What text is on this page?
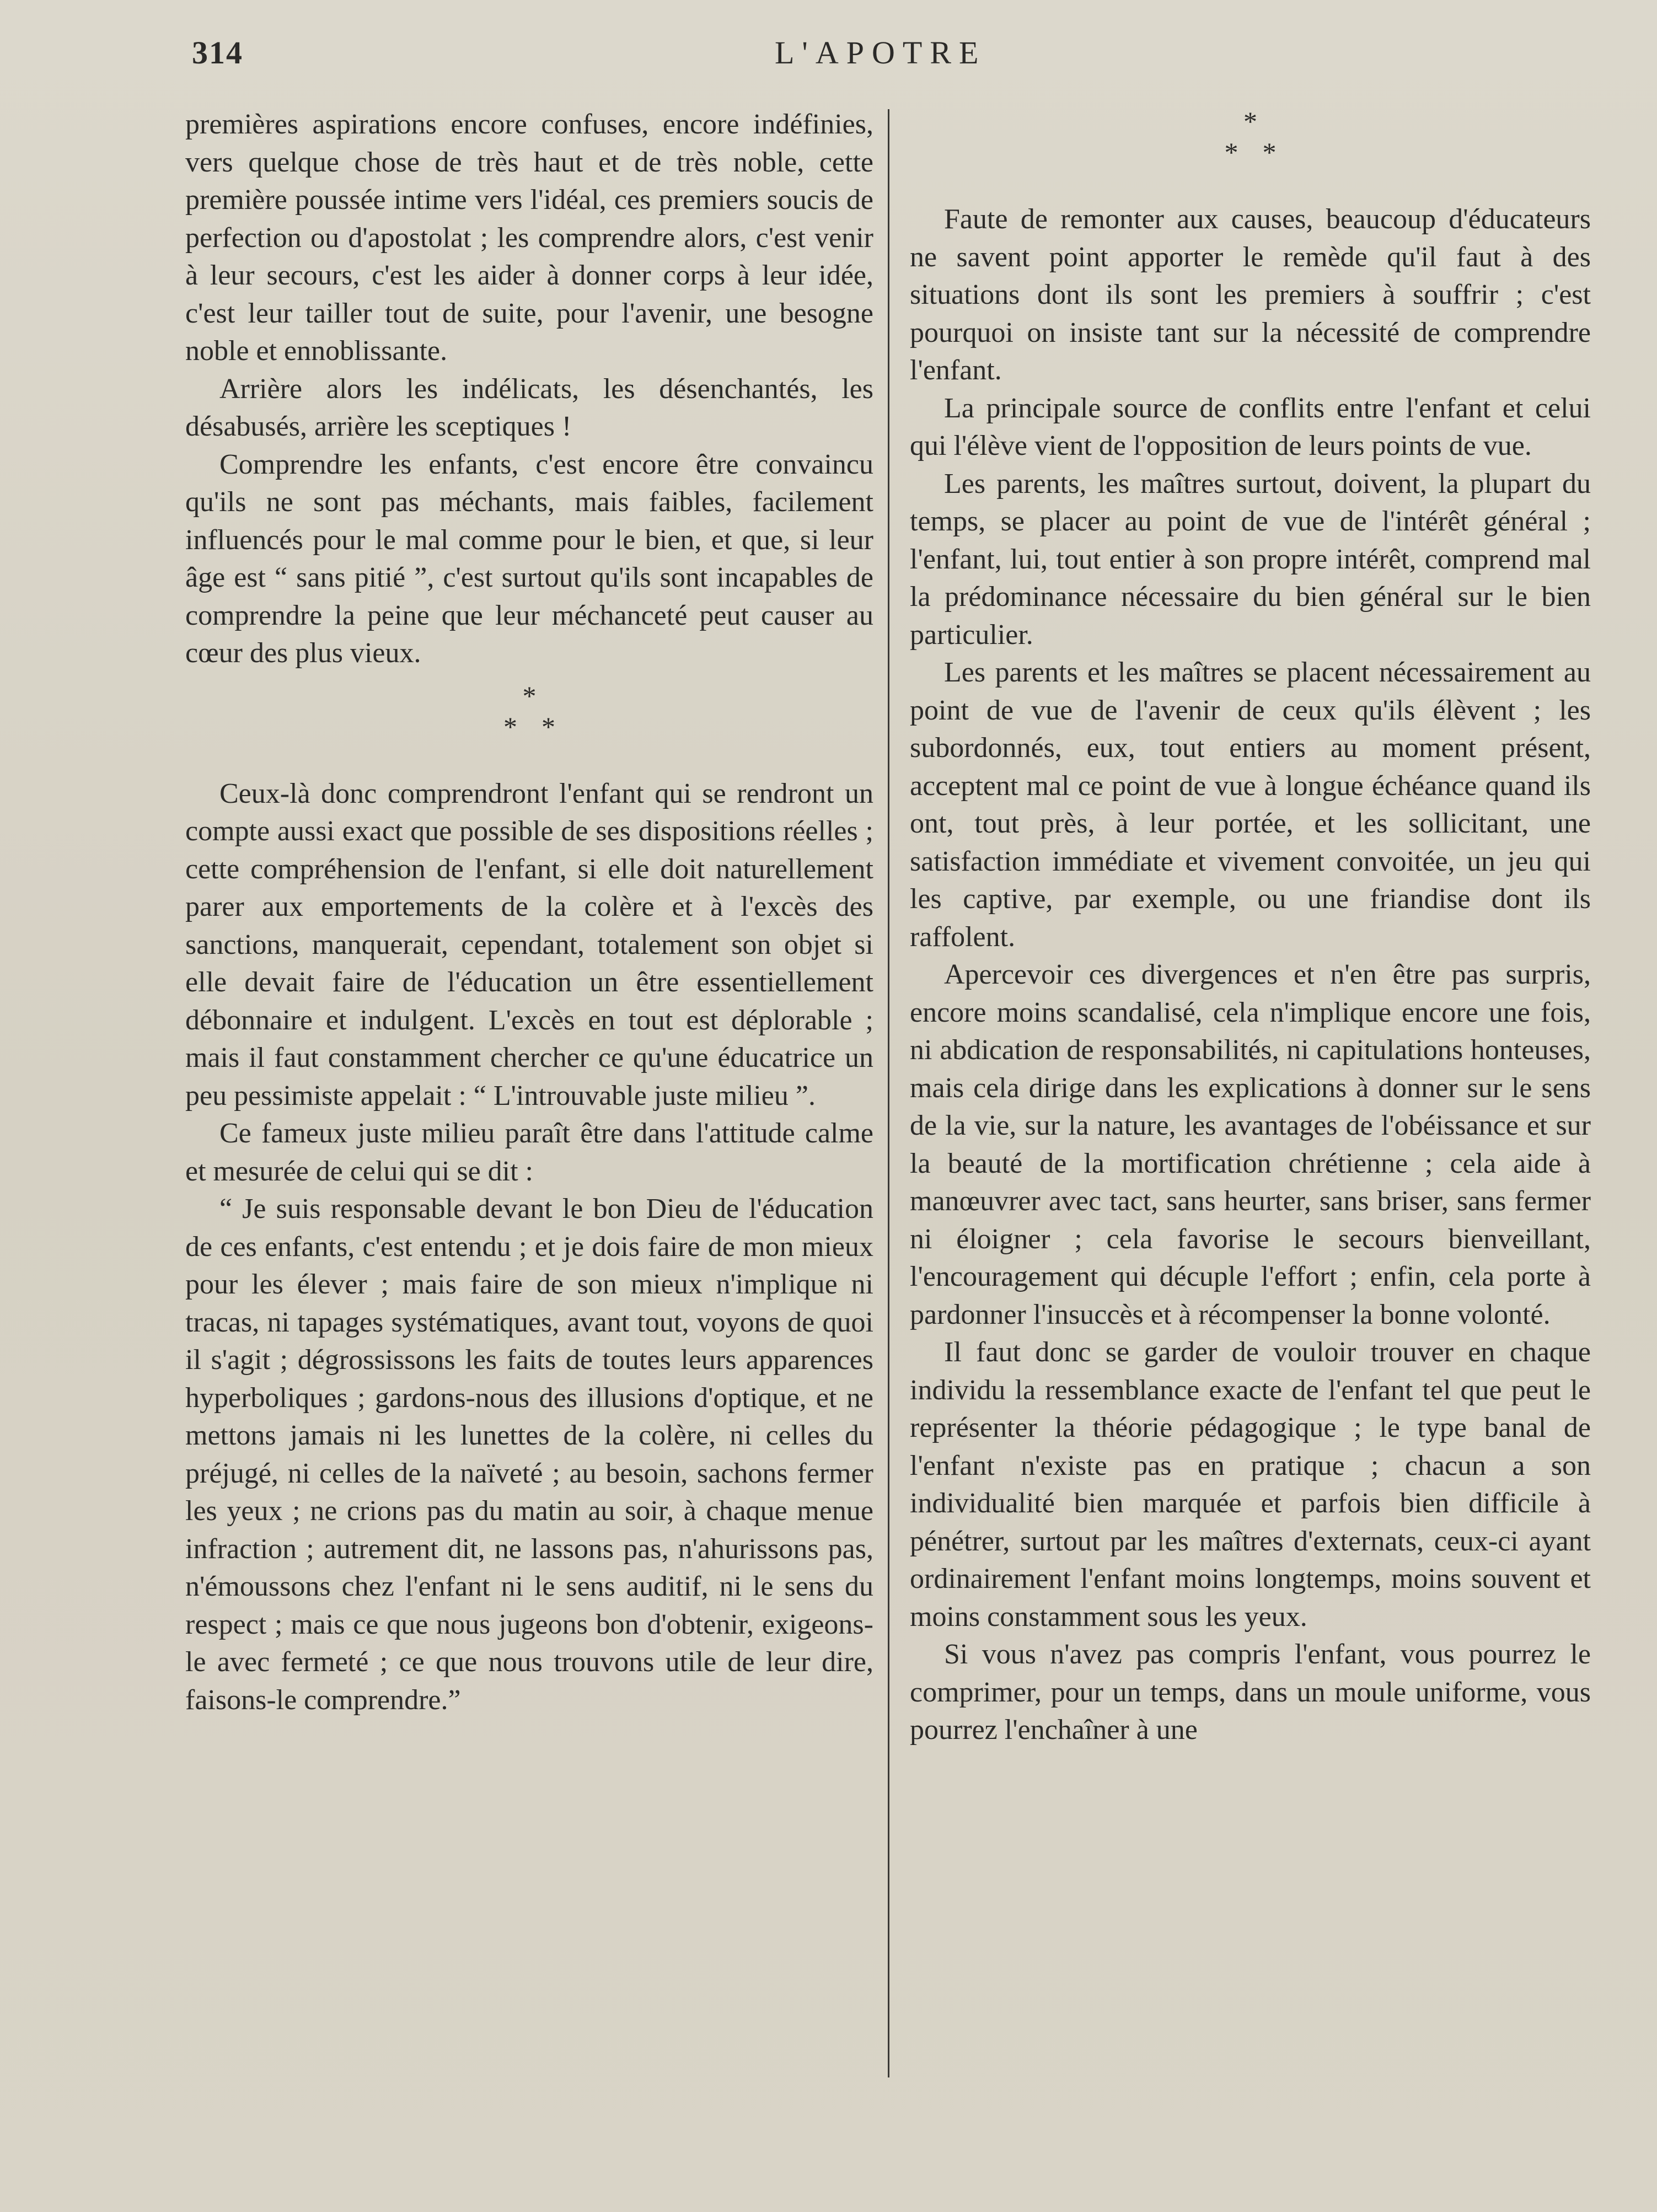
314	L'APOTRE

premières aspirations encore confuses, encore indéfinies, vers quelque chose de très haut et de très noble, cette première poussée intime vers l'idéal, ces premiers soucis de perfection ou d'apostolat ; les comprendre alors, c'est venir à leur secours, c'est les aider à donner corps à leur idée, c'est leur tailler tout de suite, pour l'avenir, une besogne noble et ennoblissante.

Arrière alors les indélicats, les désenchantés, les désabusés, arrière les sceptiques !

Comprendre les enfants, c'est encore être convaincu qu'ils ne sont pas méchants, mais faibles, facilement influencés pour le mal comme pour le bien, et que, si leur âge est “ sans pitié ”, c'est surtout qu'ils sont incapables de comprendre la peine que leur méchanceté peut causer au cœur des plus vieux.

*
**

Ceux-là donc comprendront l'enfant qui se rendront un compte aussi exact que possible de ses dispositions réelles ; cette compréhension de l'enfant, si elle doit naturellement parer aux emportements de la colère et à l'excès des sanctions, manquerait, cependant, totalement son objet si elle devait faire de l'éducation un être essentiellement débonnaire et indulgent. L'excès en tout est déplorable ; mais il faut constamment chercher ce qu'une éducatrice un peu pessimiste appelait : “ L'introuvable juste milieu ”.

Ce fameux juste milieu paraît être dans l'attitude calme et mesurée de celui qui se dit :

“ Je suis responsable devant le bon Dieu de l'éducation de ces enfants, c'est entendu ; et je dois faire de mon mieux pour les élever ; mais faire de son mieux n'implique ni tracas, ni tapages systématiques, avant tout, voyons de quoi il s'agit ; dégrossissons les faits de toutes leurs apparences hyperboliques ; gardons-nous des illusions d'optique, et ne mettons jamais ni les lunettes de la colère, ni celles du préjugé, ni celles de la naïveté ; au besoin, sachons fermer les yeux ; ne crions pas du matin au soir, à chaque menue infraction ; autrement dit, ne lassons pas, n'ahurissons pas, n'émoussons chez l'enfant ni le sens auditif, ni le sens du respect ; mais ce que nous jugeons bon d'obtenir, exigeons-le avec fermeté ; ce que nous trouvons utile de leur dire, faisons-le comprendre.”

*
**

Faute de remonter aux causes, beaucoup d'éducateurs ne savent point apporter le remède qu'il faut à des situations dont ils sont les premiers à souffrir ; c'est pourquoi on insiste tant sur la nécessité de comprendre l'enfant.

La principale source de conflits entre l'enfant et celui qui l'élève vient de l'opposition de leurs points de vue.

Les parents, les maîtres surtout, doivent, la plupart du temps, se placer au point de vue de l'intérêt général ; l'enfant, lui, tout entier à son propre intérêt, comprend mal la prédominance nécessaire du bien général sur le bien particulier.

Les parents et les maîtres se placent nécessairement au point de vue de l'avenir de ceux qu'ils élèvent ; les subordonnés, eux, tout entiers au moment présent, acceptent mal ce point de vue à longue échéance quand ils ont, tout près, à leur portée, et les sollicitant, une satisfaction immédiate et vivement convoitée, un jeu qui les captive, par exemple, ou une friandise dont ils raffolent.

Apercevoir ces divergences et n'en être pas surpris, encore moins scandalisé, cela n'implique encore une fois, ni abdication de responsabilités, ni capitulations honteuses, mais cela dirige dans les explications à donner sur le sens de la vie, sur la nature, les avantages de l'obéissance et sur la beauté de la mortification chrétienne ; cela aide à manœuvrer avec tact, sans heurter, sans briser, sans fermer ni éloigner ; cela favorise le secours bienveillant, l'encouragement qui décuple l'effort ; enfin, cela porte à pardonner l'insuccès et à récompenser la bonne volonté.

Il faut donc se garder de vouloir trouver en chaque individu la ressemblance exacte de l'enfant tel que peut le représenter la théorie pédagogique ; le type banal de l'enfant n'existe pas en pratique ; chacun a son individualité bien marquée et parfois bien difficile à pénétrer, surtout par les maîtres d'externats, ceux-ci ayant ordinairement l'enfant moins longtemps, moins souvent et moins constamment sous les yeux.

Si vous n'avez pas compris l'enfant, vous pourrez le comprimer, pour un temps, dans un moule uniforme, vous pourrez l'enchaîner à une
